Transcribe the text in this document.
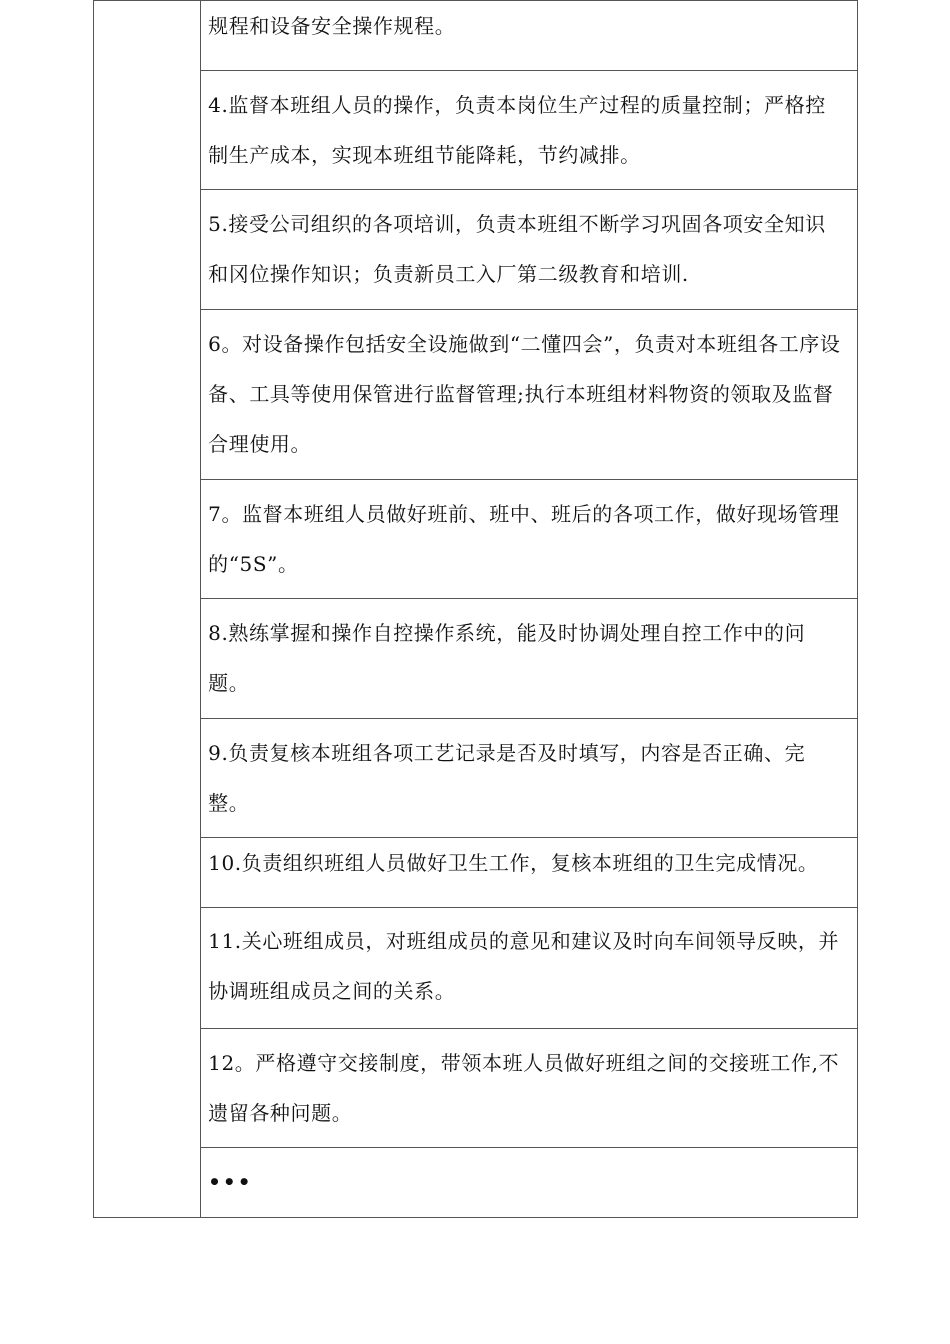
规程和设备安全操作规程。

4.监督本班组人员的操作，负责本岗位生产过程的质量控制；严格控制生产成本，实现本班组节能降耗，节约减排。

5.接受公司组织的各项培训，负责本班组不断学习巩固各项安全知识和冈位操作知识；负责新员工入厂第二级教育和培训.

6。对设备操作包括安全设施做到“二懂四会”，负责对本班组各工序设备、工具等使用保管进行监督管理;执行本班组材料物资的领取及监督合理使用。

7。监督本班组人员做好班前、班中、班后的各项工作，做好现场管理的“5S”。

8.熟练掌握和操作自控操作系统，能及时协调处理自控工作中的问题。

9.负责复核本班组各项工艺记录是否及时填写，内容是否正确、完整。

10.负责组织班组人员做好卫生工作，复核本班组的卫生完成情况。

11.关心班组成员，对班组成员的意见和建议及时向车间领导反映，并协调班组成员之间的关系。

12。严格遵守交接制度，带领本班人员做好班组之间的交接班工作,不遗留各种问题。

•••
